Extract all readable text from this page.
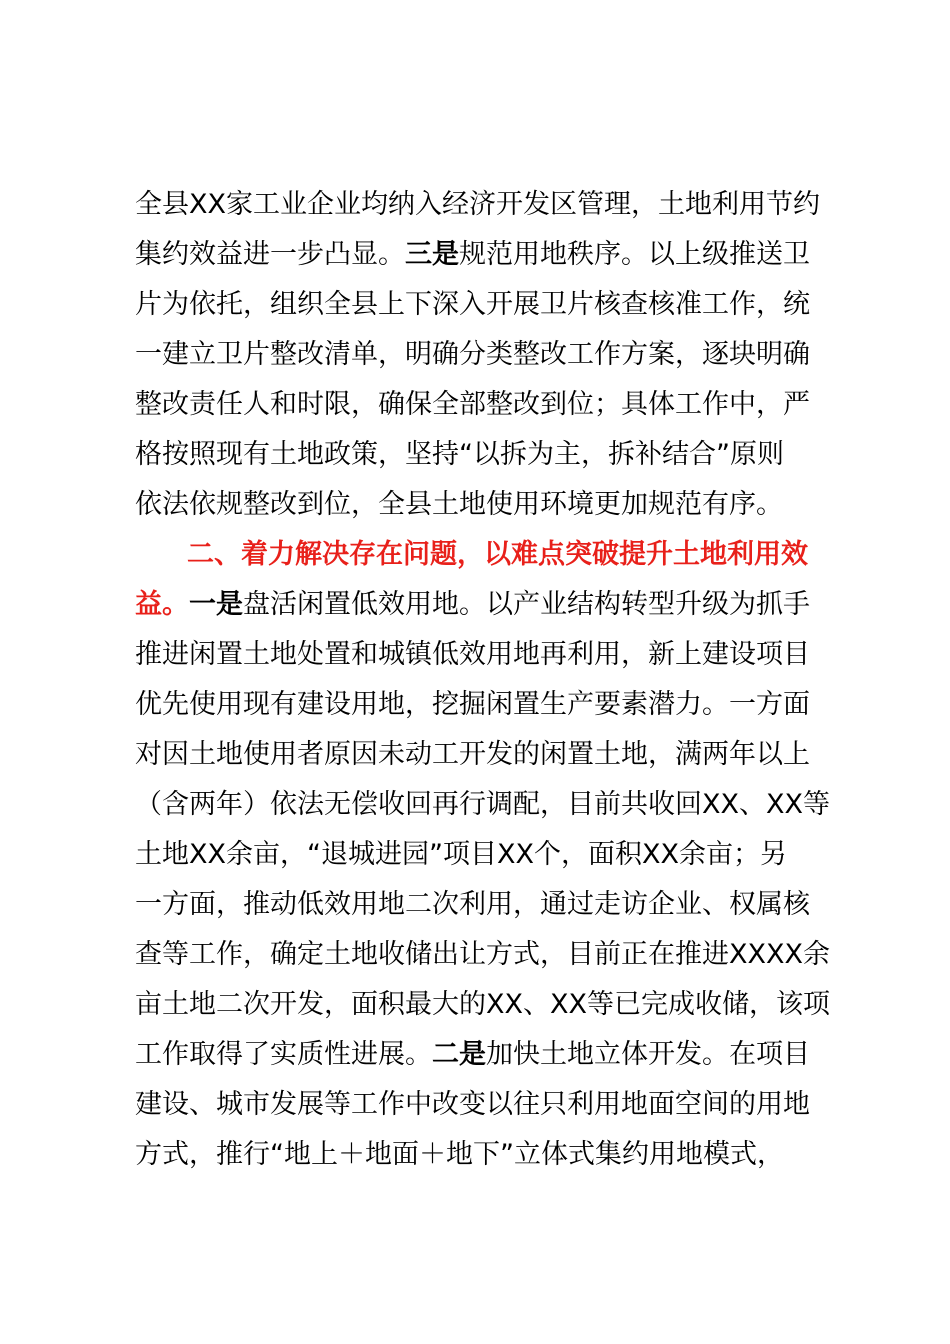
全县XX家工业企业均纳入经济开发区管理，土地利用节约
集约效益进一步凸显。三是规范用地秩序。以上级推送卫
片为依托，组织全县上下深入开展卫片核查核准工作，统
一建立卫片整改清单，明确分类整改工作方案，逐块明确
整改责任人和时限，确保全部整改到位；具体工作中，严
格按照现有土地政策，坚持“以拆为主，拆补结合”原则
依法依规整改到位，全县土地使用环境更加规范有序。
二、着力解决存在问题，以难点突破提升土地利用效
益。一是盘活闲置低效用地。以产业结构转型升级为抓手
推进闲置土地处置和城镇低效用地再利用，新上建设项目
优先使用现有建设用地，挖掘闲置生产要素潜力。一方面
对因土地使用者原因未动工开发的闲置土地，满两年以上
（含两年）依法无偿收回再行调配，目前共收回XX、XX等
土地XX余亩，“退城进园”项目XX个，面积XX余亩；另
一方面，推动低效用地二次利用，通过走访企业、权属核
查等工作，确定土地收储出让方式，目前正在推进XXXX余
亩土地二次开发，面积最大的XX、XX等已完成收储，该项
工作取得了实质性进展。二是加快土地立体开发。在项目
建设、城市发展等工作中改变以往只利用地面空间的用地
方式，推行“地上＋地面＋地下”立体式集约用地模式，
